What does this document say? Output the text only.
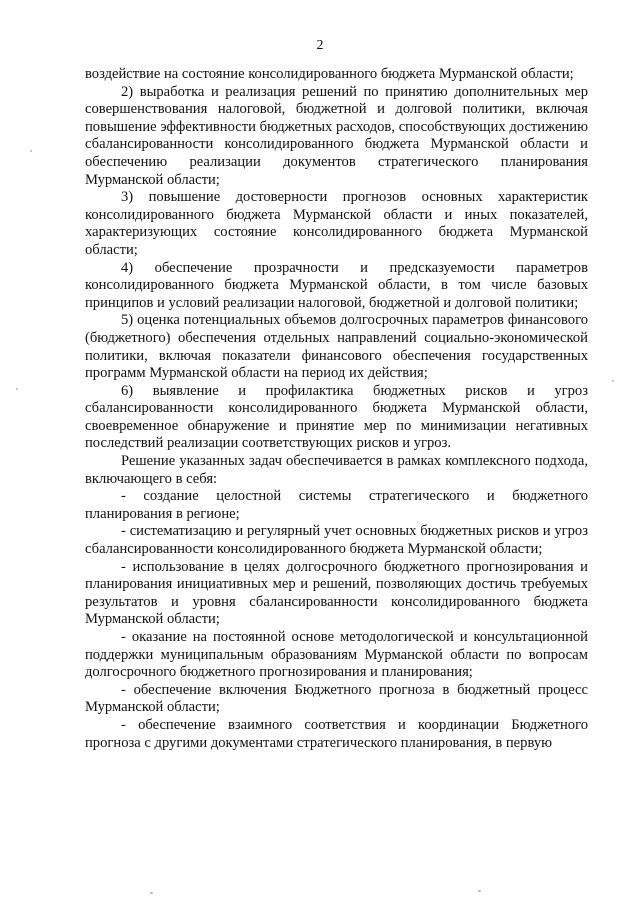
2

воздействие на состояние консолидированного бюджета Мурманской области;

2) выработка и реализация решений по принятию дополнительных мер совершенствования налоговой, бюджетной и долговой политики, включая повышение эффективности бюджетных расходов, способствующих достижению сбалансированности консолидированного бюджета Мурманской области и обеспечению реализации документов стратегического планирования Мурманской области;

3) повышение достоверности прогнозов основных характеристик консолидированного бюджета Мурманской области и иных показателей, характеризующих состояние консолидированного бюджета Мурманской области;

4) обеспечение прозрачности и предсказуемости параметров консолидированного бюджета Мурманской области, в том числе базовых принципов и условий реализации налоговой, бюджетной и долговой политики;

5) оценка потенциальных объемов долгосрочных параметров финансового (бюджетного) обеспечения отдельных направлений социально-экономической политики, включая показатели финансового обеспечения государственных программ Мурманской области на период их действия;

6) выявление и профилактика бюджетных рисков и угроз сбалансированности консолидированного бюджета Мурманской области, своевременное обнаружение и принятие мер по минимизации негативных последствий реализации соответствующих рисков и угроз.

Решение указанных задач обеспечивается в рамках комплексного подхода, включающего в себя:

- создание целостной системы стратегического и бюджетного планирования в регионе;

- систематизацию и регулярный учет основных бюджетных рисков и угроз сбалансированности консолидированного бюджета Мурманской области;

- использование в целях долгосрочного бюджетного прогнозирования и планирования инициативных мер и решений, позволяющих достичь требуемых результатов и уровня сбалансированности консолидированного бюджета Мурманской области;

- оказание на постоянной основе методологической и консультационной поддержки муниципальным образованиям Мурманской области по вопросам долгосрочного бюджетного прогнозирования и планирования;

- обеспечение включения Бюджетного прогноза в бюджетный процесс Мурманской области;

- обеспечение взаимного соответствия и координации Бюджетного прогноза с другими документами стратегического планирования, в первую
